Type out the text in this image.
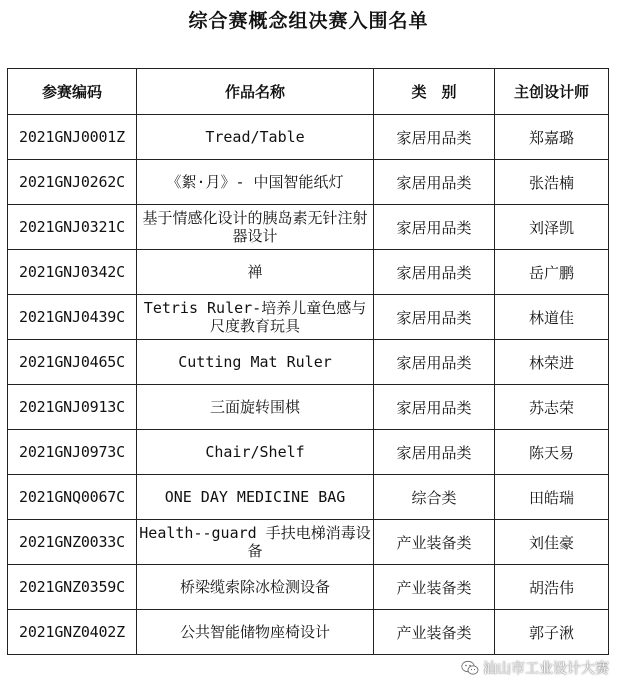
综合赛概念组决赛入围名单
参赛编码	作品名称	类　别	主创设计师
2021GNJ0001Z	Tread/Table	家居用品类	郑嘉璐
2021GNJ0262C	《絮·月》- 中国智能纸灯	家居用品类	张浩楠
2021GNJ0321C	基于情感化设计的胰岛素无针注射器设计	家居用品类	刘泽凯
2021GNJ0342C	禅	家居用品类	岳广鹏
2021GNJ0439C	Tetris Ruler-培养儿童色感与尺度教育玩具	家居用品类	林道佳
2021GNJ0465C	Cutting Mat Ruler	家居用品类	林荣进
2021GNJ0913C	三面旋转围棋	家居用品类	苏志荣
2021GNJ0973C	Chair/Shelf	家居用品类	陈天易
2021GNQ0067C	ONE DAY MEDICINE BAG	综合类	田皓瑞
2021GNZ0033C	Health--guard 手扶电梯消毒设备	产业装备类	刘佳豪
2021GNZ0359C	桥梁缆索除冰检测设备	产业装备类	胡浩伟
2021GNZ0402Z	公共智能储物座椅设计	产业装备类	郭子湫
汕山市工业设计大赛
